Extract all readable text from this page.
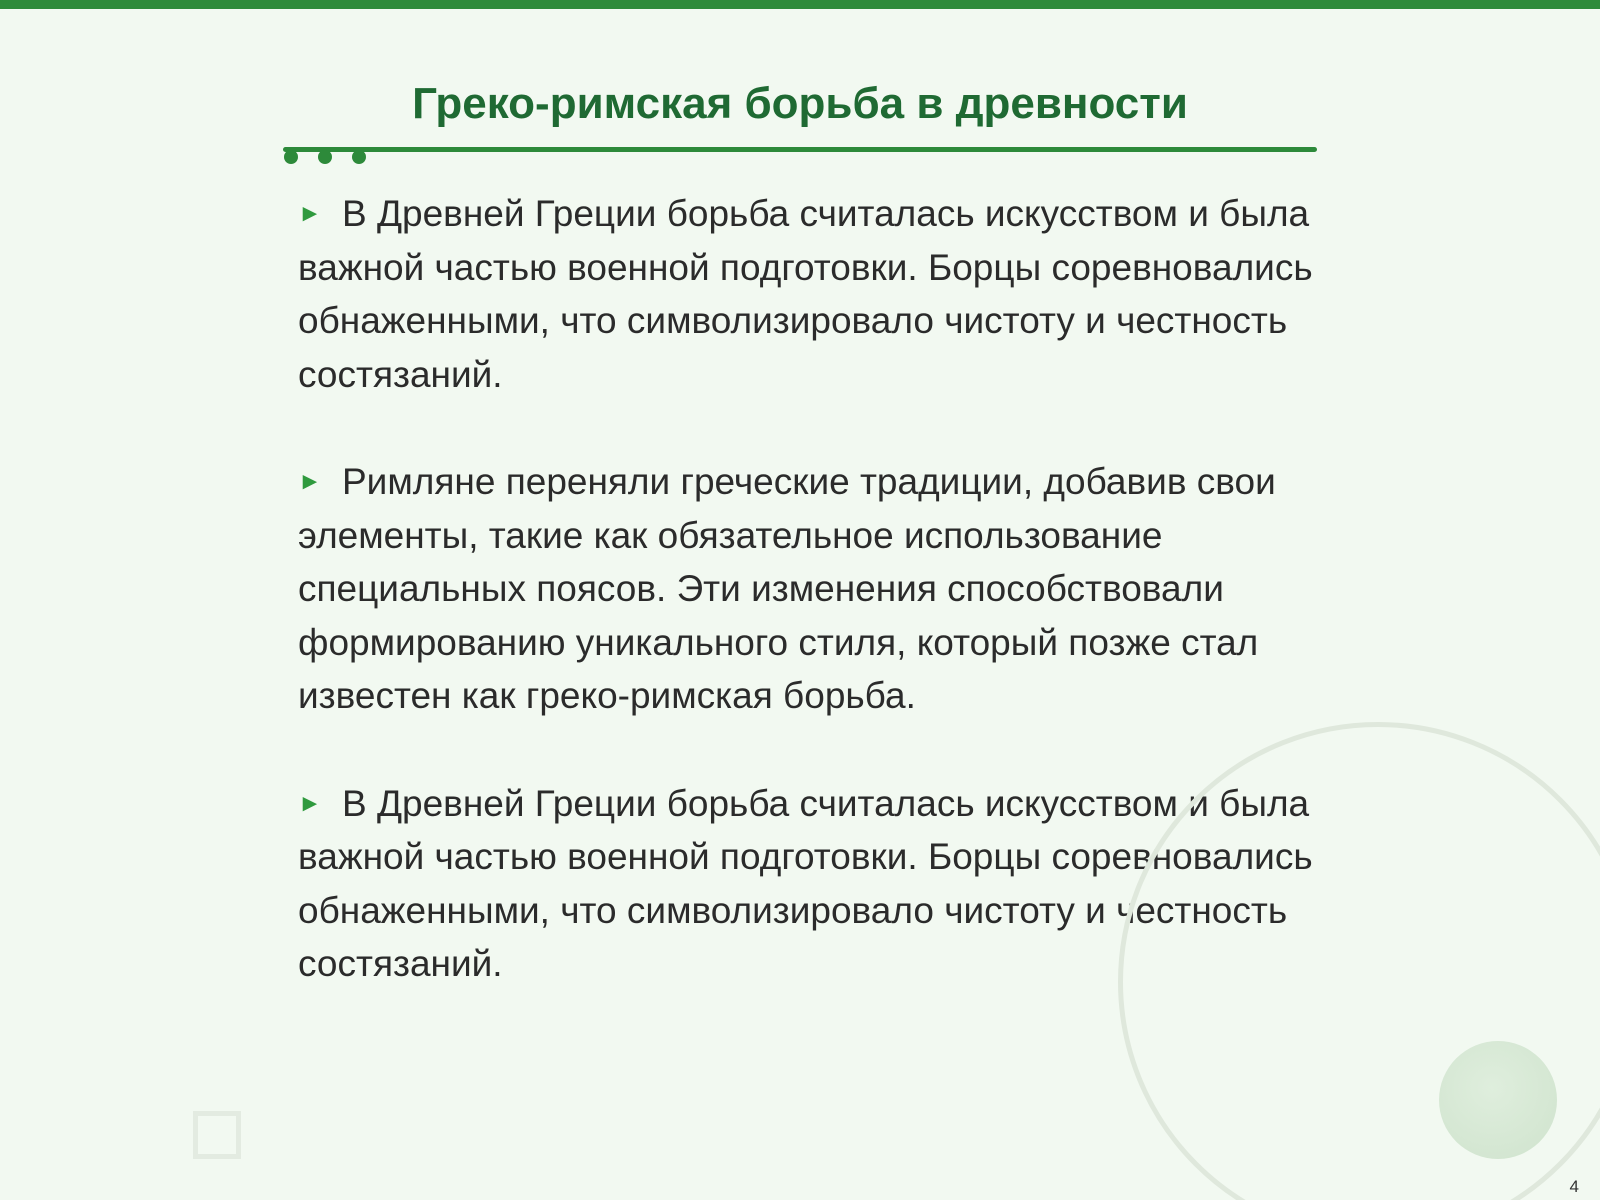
Греко-римская борьба в древности

► В Древней Греции борьба считалась искусством и была важной частью военной подготовки. Борцы соревновались обнаженными, что символизировало чистоту и честность состязаний.

► Римляне переняли греческие традиции, добавив свои элементы, такие как обязательное использование специальных поясов. Эти изменения способствовали формированию уникального стиля, который позже стал известен как греко-римская борьба.

► В Древней Греции борьба считалась искусством и была важной частью военной подготовки. Борцы соревновались обнаженными, что символизировало чистоту и честность состязаний.

4
